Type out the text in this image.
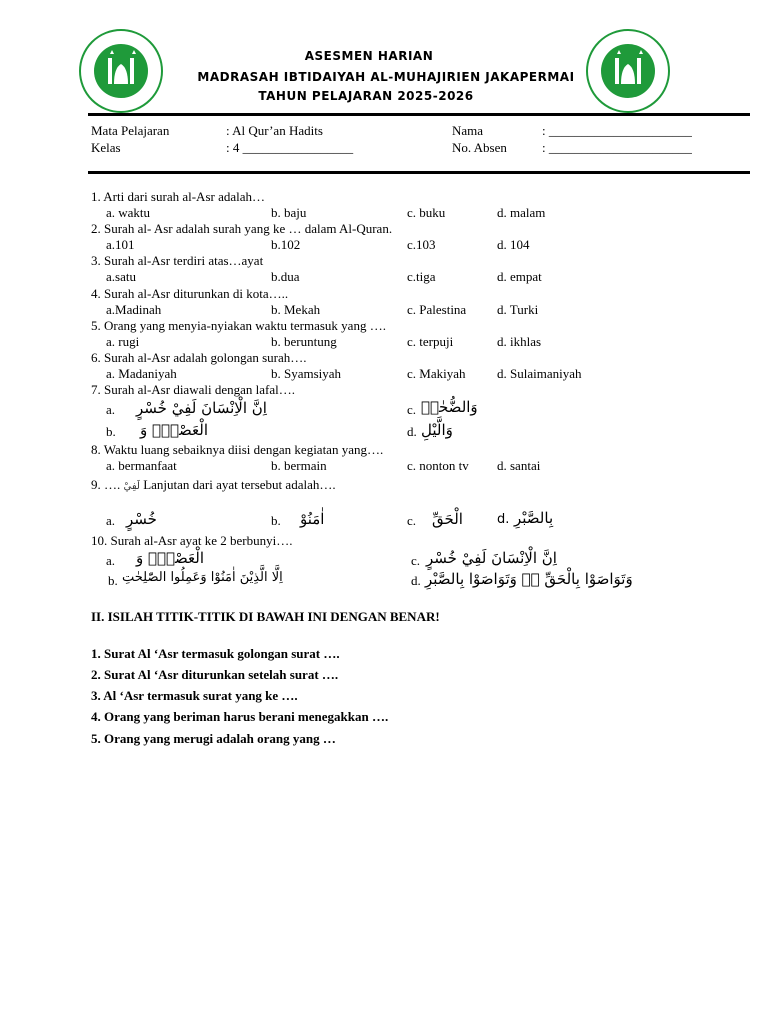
ASESMEN HARIAN
MADRASAH IBTIDAIYAH AL-MUHAJIRIEN JAKAPERMAI
TAHUN PELAJARAN 2025-2026
Mata Pelajaran	: Al Qur’an Hadits	Nama	: ______________________
Kelas	: 4 _________________	No. Absen	: ______________________
1. Arti dari surah al-Asr adalah…
a. waktu	b. baju	c. buku	d. malam
2. Surah al- Asr adalah surah yang ke … dalam Al-Quran.
a.101	b.102	c.103	d. 104
3. Surah al-Asr terdiri atas…ayat
a.satu	b.dua	c.tiga	d. empat
4. Surah al-Asr diturunkan di kota…..
a.Madinah	b. Mekah	c. Palestina d. Turki
5. Orang yang menyia-nyiakan waktu termasuk yang ….
a. rugi	b. beruntung	c. terpuji	d. ikhlas
6. Surah al-Asr adalah golongan surah….
a. Madaniyah	b. Syamsiyah	c. Makiyah d. Sulaimaniyah
7. Surah al-Asr diawali dengan lafal….
a. اِنَّ الْاِنْسَانَ لَفِيْ خُسْرٍ	c. وَالضُّحٰىۙ
b. الْعَصْرِۙ وَ	d. وَالَّيْلِ
8. Waktu luang sebaiknya diisi dengan kegiatan yang….
a. bermanfaat	b. bermain	c. nonton tv d. santai
9. …. لَفِيْ Lanjutan dari ayat tersebut adalah….
a. خُسْرٍ	b. اٰمَنُوْ	c. الْحَقِّ	d. بِالصَّبْرِ
10. Surah al-Asr ayat ke 2 berbunyi….
a. الْعَصْرِۙ وَ	c. اِنَّ الْاِنْسَانَ لَفِيْ خُسْرٍ
b. اِلَّا الَّذِيْنَ اٰمَنُوْا وَعَمِلُوا الصّٰلِحٰتِ	d. وَتَوَاصَوْا بِالْحَقِّ ەۙ وَتَوَاصَوْا بِالصَّبْرِ
II. ISILAH TITIK-TITIK DI BAWAH INI DENGAN BENAR!
1. Surat Al ‘Asr termasuk golongan surat ….
2. Surat Al ‘Asr diturunkan setelah surat ….
3. Al ‘Asr termasuk surat yang ke ….
4. Orang yang beriman harus berani menegakkan ….
5. Orang yang merugi adalah orang yang …
